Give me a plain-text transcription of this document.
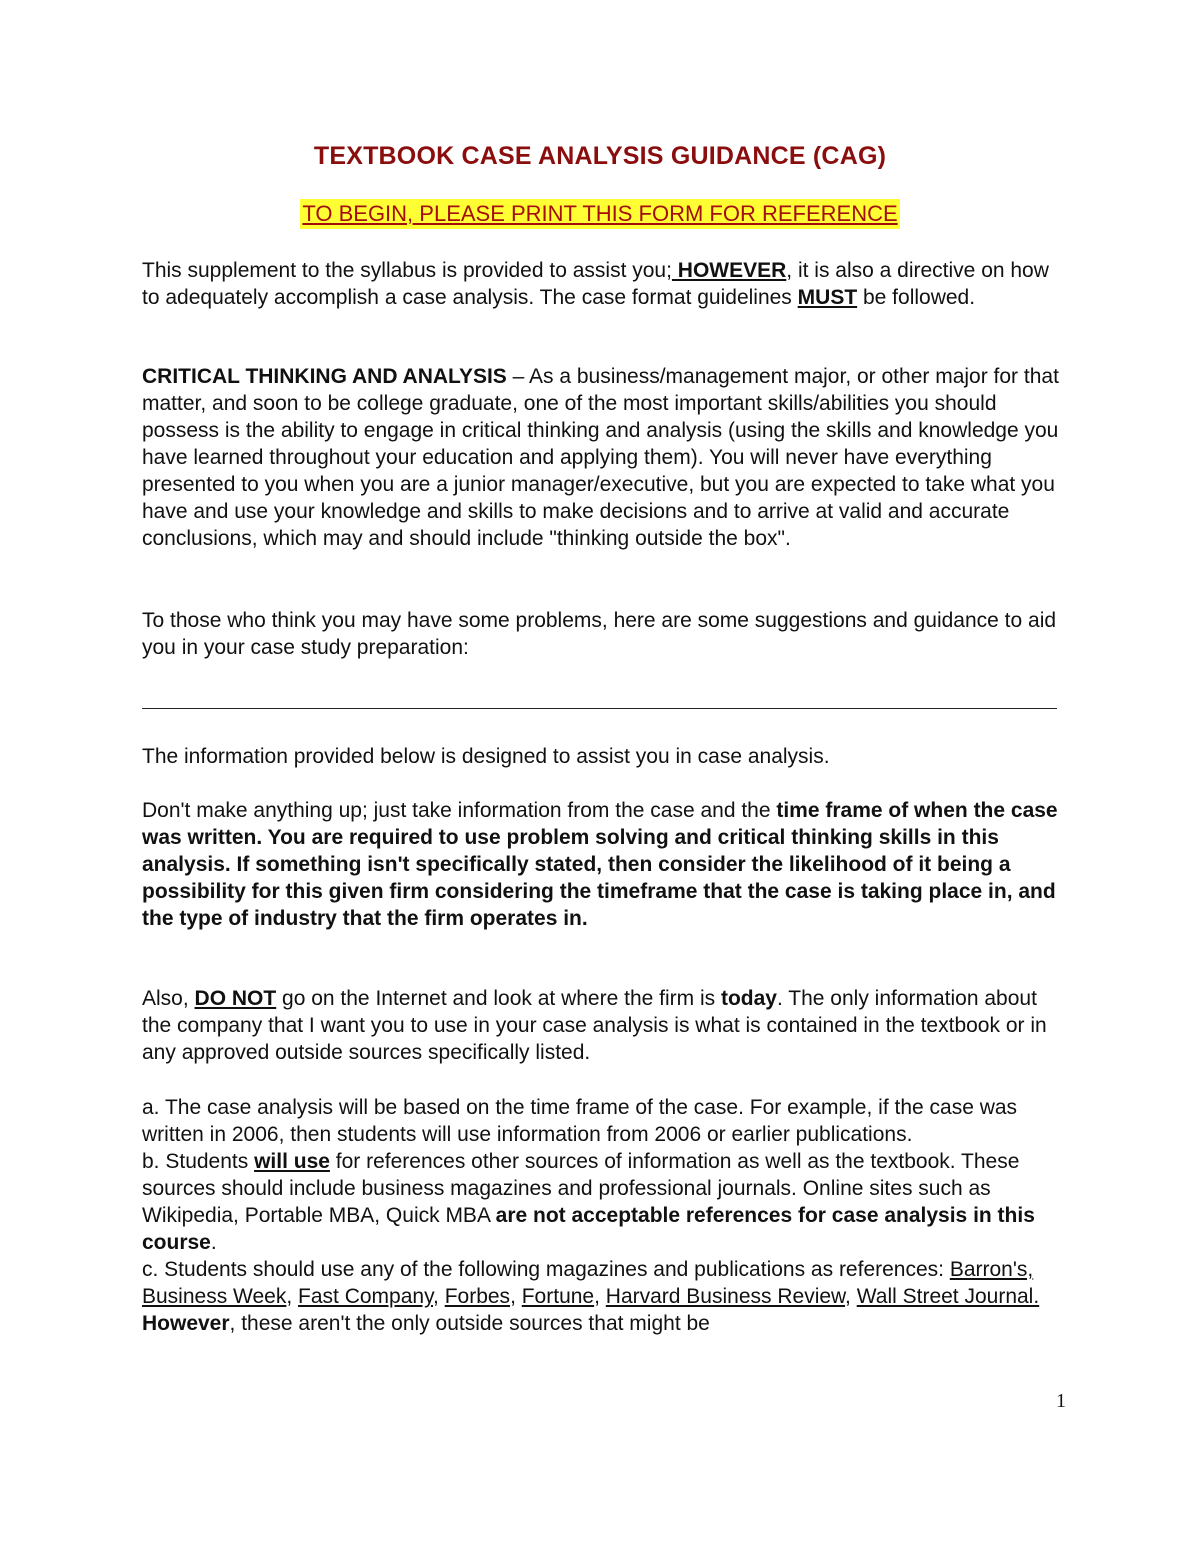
TEXTBOOK CASE ANALYSIS GUIDANCE (CAG)
TO BEGIN, PLEASE PRINT THIS FORM FOR REFERENCE

This supplement to the syllabus is provided to assist you; HOWEVER, it is also a directive on how to adequately accomplish a case analysis. The case format guidelines MUST be followed.

CRITICAL THINKING AND ANALYSIS – As a business/management major, or other major for that matter, and soon to be college graduate, one of the most important skills/abilities you should possess is the ability to engage in critical thinking and analysis (using the skills and knowledge you have learned throughout your education and applying them). You will never have everything presented to you when you are a junior manager/executive, but you are expected to take what you have and use your knowledge and skills to make decisions and to arrive at valid and accurate conclusions, which may and should include "thinking outside the box".

To those who think you may have some problems, here are some suggestions and guidance to aid you in your case study preparation:

The information provided below is designed to assist you in case analysis.

Don't make anything up; just take information from the case and the time frame of when the case was written. You are required to use problem solving and critical thinking skills in this analysis. If something isn't specifically stated, then consider the likelihood of it being a possibility for this given firm considering the timeframe that the case is taking place in, and the type of industry that the firm operates in.

Also, DO NOT go on the Internet and look at where the firm is today. The only information about the company that I want you to use in your case analysis is what is contained in the textbook or in any approved outside sources specifically listed.

a. The case analysis will be based on the time frame of the case. For example, if the case was written in 2006, then students will use information from 2006 or earlier publications.

b. Students will use for references other sources of information as well as the textbook. These sources should include business magazines and professional journals. Online sites such as Wikipedia, Portable MBA, Quick MBA are not acceptable references for case analysis in this course.

c. Students should use any of the following magazines and publications as references: Barron's, Business Week, Fast Company, Forbes, Fortune, Harvard Business Review, Wall Street Journal. However, these aren't the only outside sources that might be

1
